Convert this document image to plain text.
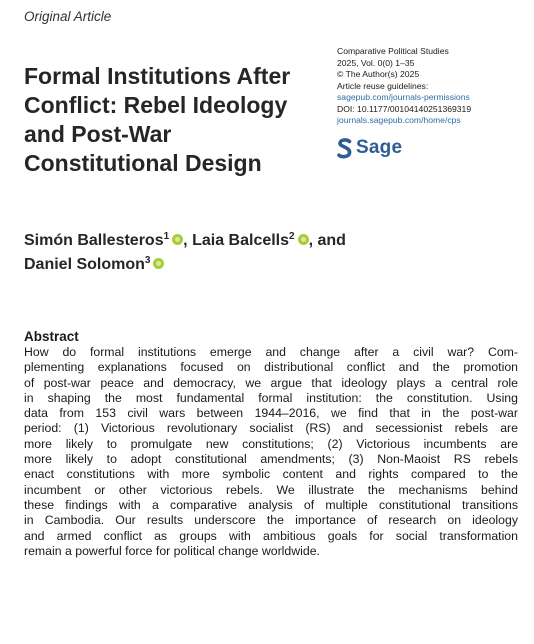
Original Article
Comparative Political Studies
2025, Vol. 0(0) 1–35
© The Author(s) 2025
Article reuse guidelines:
sagepub.com/journals-permissions
DOI: 10.1177/00104140251369319
journals.sagepub.com/home/cps
Sage
Formal Institutions After
Conflict: Rebel Ideology
and Post-War
Constitutional Design
Simón Ballesteros$^1$ , Laia Balcells$^2$ , and
Daniel Solomon$^3$
Abstract

How do formal institutions emerge and change after a civil war? Com-
plementing explanations focused on distributional conflict and the promotion
of post-war peace and democracy, we argue that ideology plays a central role
in shaping the most fundamental formal institution: the constitution. Using
data from 153 civil wars between 1944–2016, we find that in the post-war
period: (1) Victorious revolutionary socialist (RS) and secessionist rebels are
more likely to promulgate new constitutions; (2) Victorious incumbents are
more likely to adopt constitutional amendments; (3) Non-Maoist RS rebels
enact constitutions with more symbolic content and rights compared to the
incumbent or other victorious rebels. We illustrate the mechanisms behind
these findings with a comparative analysis of multiple constitutional transitions
in Cambodia. Our results underscore the importance of research on ideology
and armed conflict as groups with ambitious goals for social transformation
remain a powerful force for political change worldwide.
